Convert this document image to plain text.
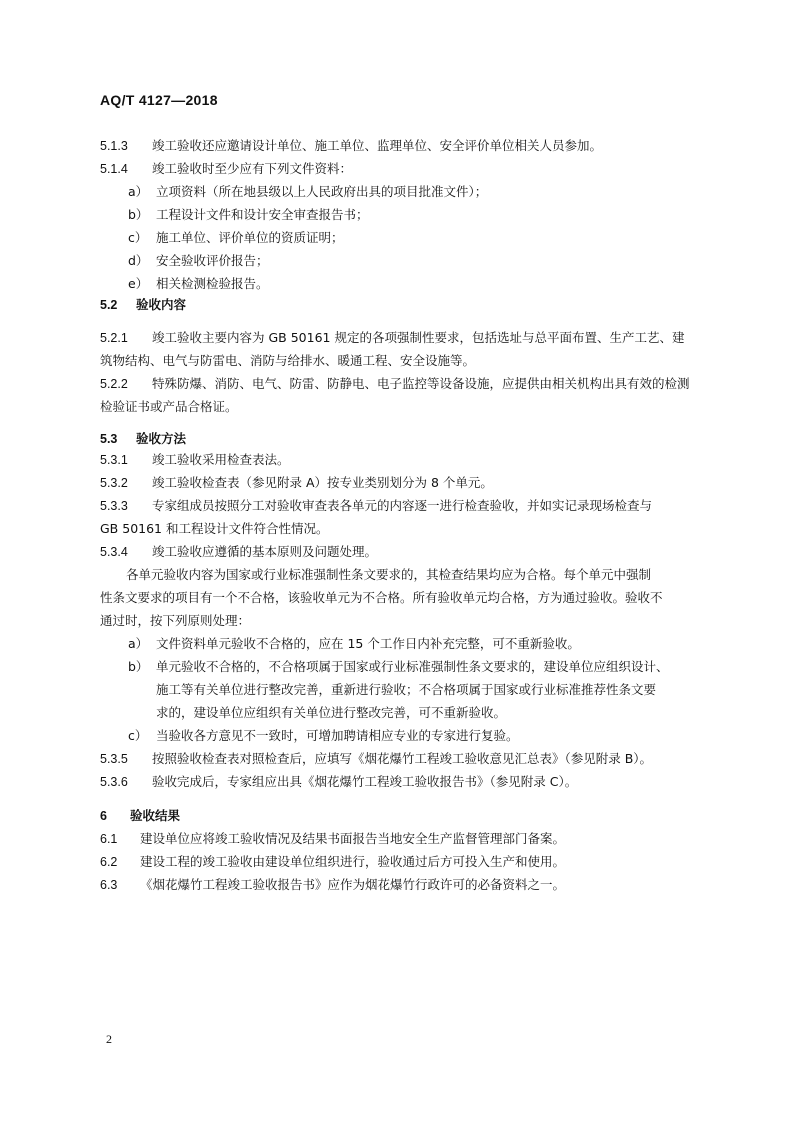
AQ/T 4127—2018
5.1.3 竣工验收还应邀请设计单位、施工单位、监理单位、安全评价单位相关人员参加。
5.1.4 竣工验收时至少应有下列文件资料：
a） 立项资料（所在地县级以上人民政府出具的项目批准文件）；
b） 工程设计文件和设计安全审查报告书；
c） 施工单位、评价单位的资质证明；
d） 安全验收评价报告；
e） 相关检测检验报告。
5.2 验收内容
5.2.1 竣工验收主要内容为 GB 50161 规定的各项强制性要求，包括选址与总平面布置、生产工艺、建
筑物结构、电气与防雷电、消防与给排水、暖通工程、安全设施等。
5.2.2 特殊防爆、消防、电气、防雷、防静电、电子监控等设备设施，应提供由相关机构出具有效的检测
检验证书或产品合格证。
5.3 验收方法
5.3.1 竣工验收采用检查表法。
5.3.2 竣工验收检查表（参见附录 A）按专业类别划分为 8 个单元。
5.3.3 专家组成员按照分工对验收审查表各单元的内容逐一进行检查验收，并如实记录现场检查与
GB 50161 和工程设计文件符合性情况。
5.3.4 竣工验收应遵循的基本原则及问题处理。
各单元验收内容为国家或行业标准强制性条文要求的，其检查结果均应为合格。每个单元中强制
性条文要求的项目有一个不合格，该验收单元为不合格。所有验收单元均合格，方为通过验收。验收不
通过时，按下列原则处理：
a） 文件资料单元验收不合格的，应在 15 个工作日内补充完整，可不重新验收。
b） 单元验收不合格的，不合格项属于国家或行业标准强制性条文要求的，建设单位应组织设计、
施工等有关单位进行整改完善，重新进行验收；不合格项属于国家或行业标准推荐性条文要
求的，建设单位应组织有关单位进行整改完善，可不重新验收。
c） 当验收各方意见不一致时，可增加聘请相应专业的专家进行复验。
5.3.5 按照验收检查表对照检查后，应填写《烟花爆竹工程竣工验收意见汇总表》（参见附录 B）。
5.3.6 验收完成后，专家组应出具《烟花爆竹工程竣工验收报告书》（参见附录 C）。
6 验收结果
6.1 建设单位应将竣工验收情况及结果书面报告当地安全生产监督管理部门备案。
6.2 建设工程的竣工验收由建设单位组织进行，验收通过后方可投入生产和使用。
6.3 《烟花爆竹工程竣工验收报告书》应作为烟花爆竹行政许可的必备资料之一。
2
